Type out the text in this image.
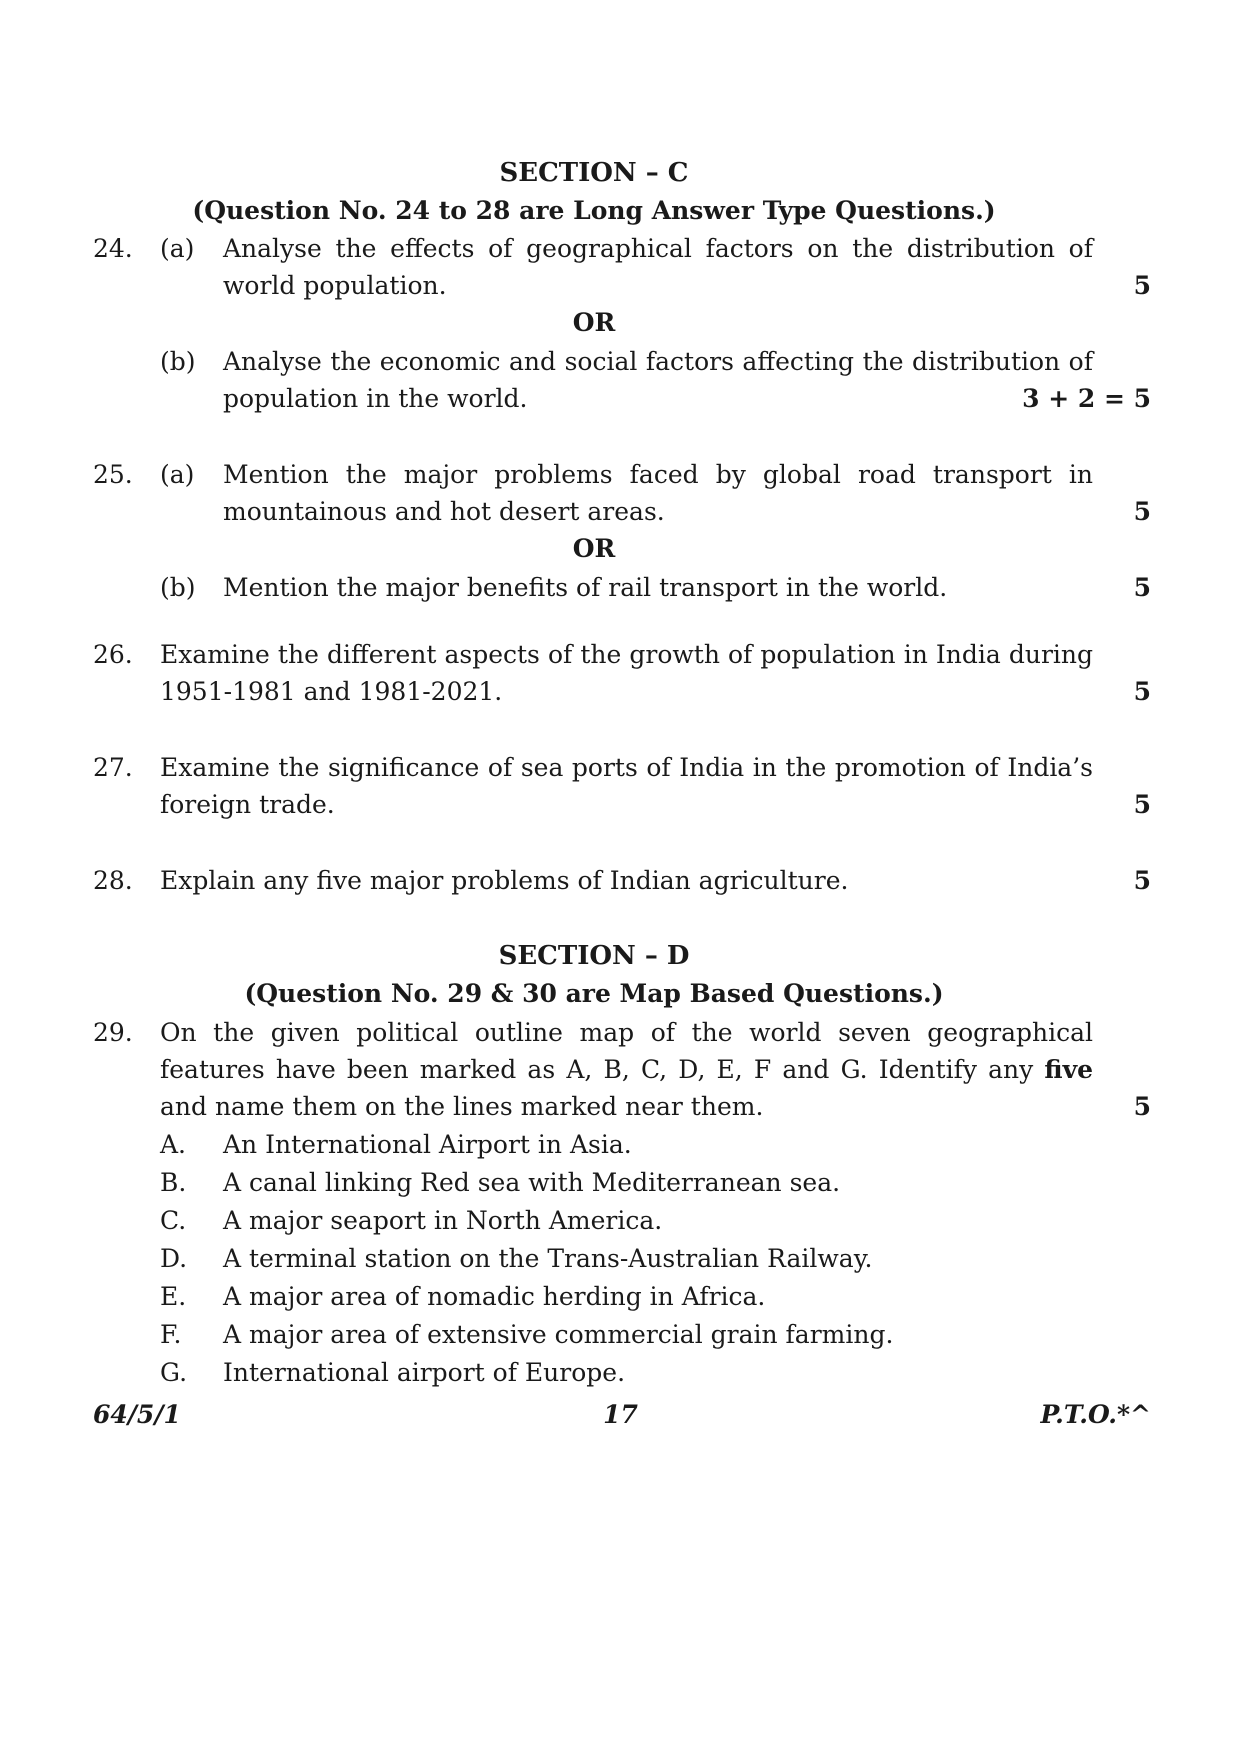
SECTION – C
(Question No. 24 to 28 are Long Answer Type Questions.)
24. (a) Analyse the effects of geographical factors on the distribution of
world population.	5
OR
(b) Analyse the economic and social factors affecting the distribution of
population in the world.	3 + 2 = 5
25. (a) Mention the major problems faced by global road transport in
mountainous and hot desert areas.	5
OR
(b) Mention the major benefits of rail transport in the world.	5
26. Examine the different aspects of the growth of population in India during
1951-1981 and 1981-2021.	5
27. Examine the significance of sea ports of India in the promotion of India’s
foreign trade.	5
28. Explain any five major problems of Indian agriculture.	5
SECTION – D
(Question No. 29 & 30 are Map Based Questions.)
29. On the given political outline map of the world seven geographical
features have been marked as A, B, C, D, E, F and G. Identify any five
and name them on the lines marked near them.	5
A. An International Airport in Asia.
B. A canal linking Red sea with Mediterranean sea.
C. A major seaport in North America.
D. A terminal station on the Trans-Australian Railway.
E. A major area of nomadic herding in Africa.
F. A major area of extensive commercial grain farming.
G. International airport of Europe.
64/5/1	17	P.T.O.*^
